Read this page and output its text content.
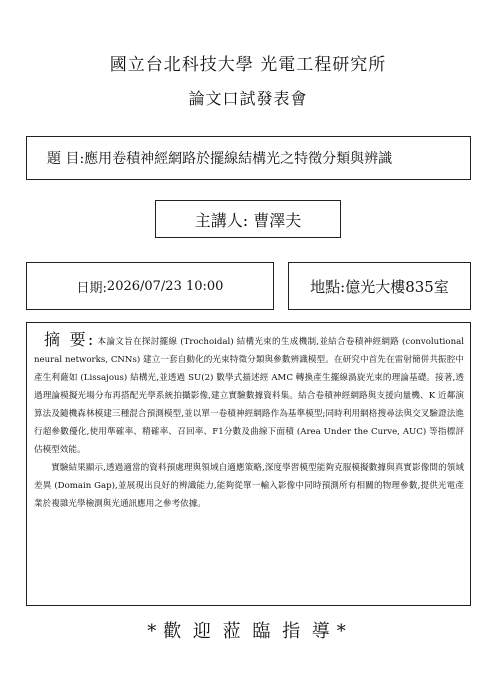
國立台北科技大學 光電工程研究所
論文口試發表會
題 目: 應用卷積神經網路於擺線結構光之特徵分類與辨識
主講人:
曹澤夫
日期: 2026/07/23 10:00	地點: 億光大樓835室

摘 要: 本論文旨在探討擺線 (Trochoidal) 結構光束的生成機制,並結合卷積神經網路 (convolutional neural networks, CNNs) 建立一套自動化的光束特徵分類與參數辨識模型。在研究中首先在雷射簡併共振腔中產生利薩如 (Lissajous) 結構光,並透過 SU(2) 數學式描述經 AMC 轉換產生擺線渦旋光束的理論基礎。接著,透過理論模擬光場分布再搭配光學系統拍攝影像,建立實驗數據資料集。結合卷積神經網路與支援向量機、K 近鄰演算法及隨機森林模建三種混合預測模型,並以單一卷積神經網路作為基準模型;同時利用網格搜尋法與交叉驗證法進行超參數優化,使用準確率、精確率、召回率、F1分數及曲線下面積 (Area Under the Curve, AUC) 等指標評估模型效能。

實驗結果顯示,透過適當的資料預處理與領域自適應策略,深度學習模型能夠克服模擬數據與真實影像間的領域差異 (Domain Gap),並展現出良好的辨識能力,能夠從單一輸入影像中同時預測所有相關的物理參數,提供光電產業於複雜光學檢測與光通訊應用之參考依據。

* 歡 迎 蒞 臨 指 導 *
